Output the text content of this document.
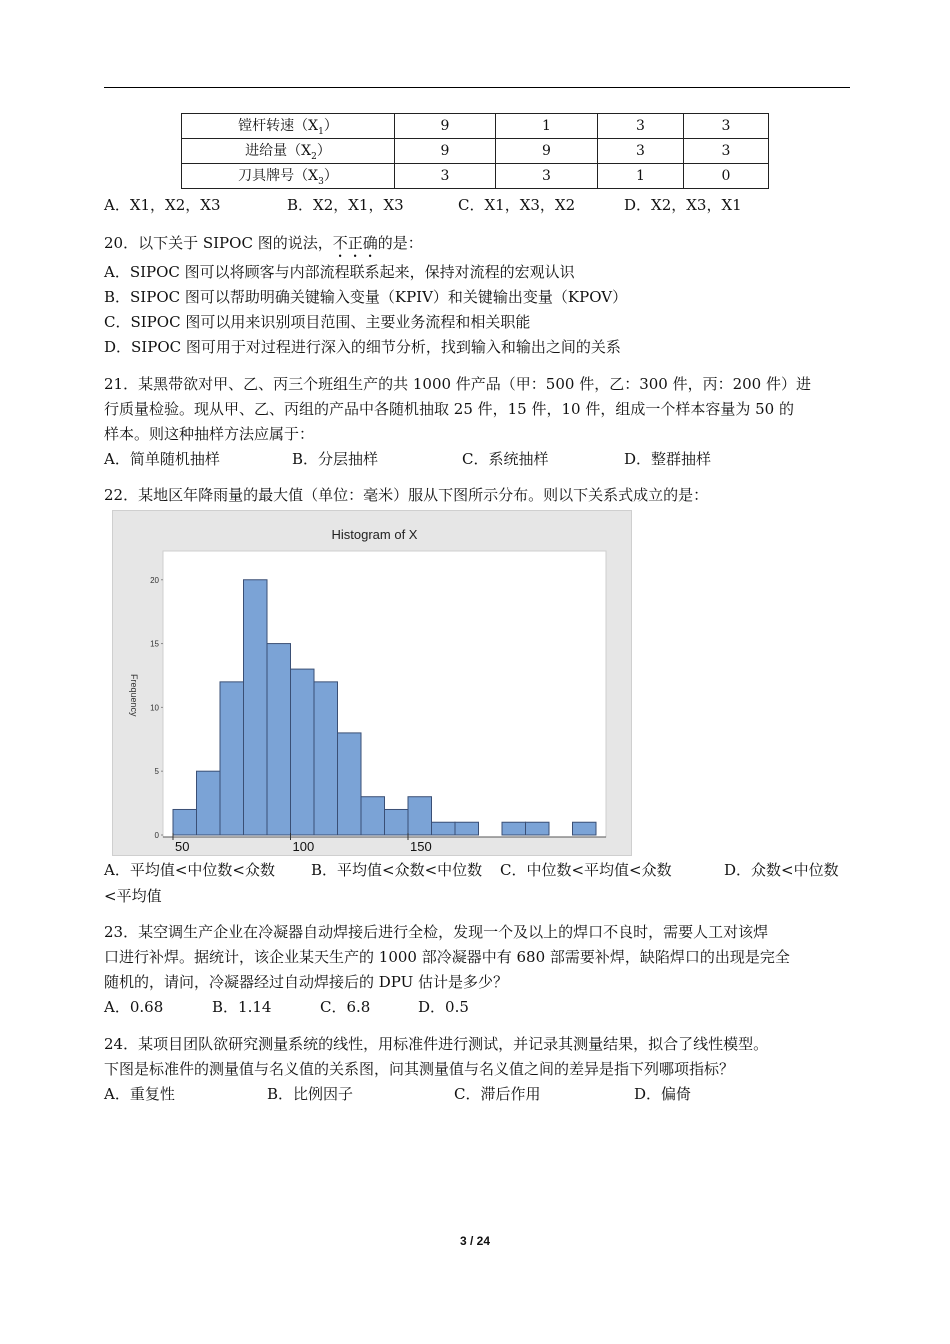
镗杆转速$(X_1)$	9	1	3	3
进给量$(X_2)$	9	9	3	3
刀具牌号$(X_3)$	3	3	1	0
A．X1，X2，X3	B．X2，X1，X3	C．X1，X3，X2	D．X2，X3，X1
20．以下关于 SIPOC 图的说法，不正确的是：
A．SIPOC 图可以将顾客与内部流程联系起来，保持对流程的宏观认识
B．SIPOC 图可以帮助明确关键输入变量（KPIV）和关键输出变量（KPOV）
C．SIPOC 图可以用来识别项目范围、主要业务流程和相关职能
D．SIPOC 图可用于对过程进行深入的细节分析，找到输入和输出之间的关系
21．某黑带欲对甲、乙、丙三个班组生产的共 1000 件产品（甲：500 件，乙：300 件，丙：200 件）进
行质量检验。现从甲、乙、丙组的产品中各随机抽取 25 件，15 件，10 件，组成一个样本容量为 50 的
样本。则这种抽样方法应属于：
A．简单随机抽样	B．分层抽样	C．系统抽样	D．整群抽样
22．某地区年降雨量的最大值（单位：毫米）服从下图所示分布。则以下关系式成立的是：
Histogram of X
0
5
10
15
20
Frequency
50	100	150
A．平均值<中位数<众数 B．平均值<众数<中位数 C．中位数<平均值<众数	D．众数<中位数
<平均值
23．某空调生产企业在冷凝器自动焊接后进行全检，发现一个及以上的焊口不良时，需要人工对该焊
口进行补焊。据统计，该企业某天生产的 1000 部冷凝器中有 680 部需要补焊，缺陷焊口的出现是完全
随机的，请问，冷凝器经过自动焊接后的 DPU 估计是多少？
A．0.68	B．1.14	C．6.8	D．0.5
24．某项目团队欲研究测量系统的线性，用标准件进行测试，并记录其测量结果，拟合了线性模型。
下图是标准件的测量值与名义值的关系图，问其测量值与名义值之间的差异是指下列哪项指标？
A．重复性	B．比例因子	C．滞后作用	D．偏倚
3 / 24
